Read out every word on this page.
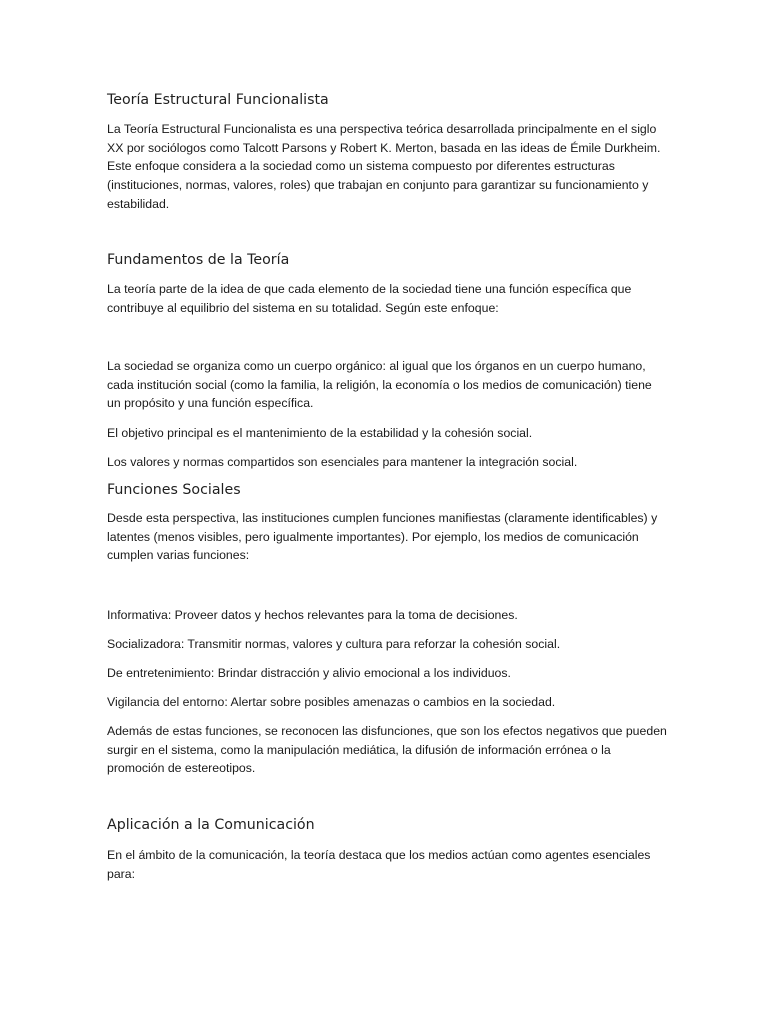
Teoría Estructural Funcionalista

La Teoría Estructural Funcionalista es una perspectiva teórica desarrollada principalmente en el siglo XX por sociólogos como Talcott Parsons y Robert K. Merton, basada en las ideas de Émile Durkheim. Este enfoque considera a la sociedad como un sistema compuesto por diferentes estructuras (instituciones, normas, valores, roles) que trabajan en conjunto para garantizar su funcionamiento y estabilidad.

Fundamentos de la Teoría

La teoría parte de la idea de que cada elemento de la sociedad tiene una función específica que contribuye al equilibrio del sistema en su totalidad. Según este enfoque:

La sociedad se organiza como un cuerpo orgánico: al igual que los órganos en un cuerpo humano, cada institución social (como la familia, la religión, la economía o los medios de comunicación) tiene un propósito y una función específica.

El objetivo principal es el mantenimiento de la estabilidad y la cohesión social.

Los valores y normas compartidos son esenciales para mantener la integración social.

Funciones Sociales

Desde esta perspectiva, las instituciones cumplen funciones manifiestas (claramente identificables) y latentes (menos visibles, pero igualmente importantes). Por ejemplo, los medios de comunicación cumplen varias funciones:

Informativa: Proveer datos y hechos relevantes para la toma de decisiones.

Socializadora: Transmitir normas, valores y cultura para reforzar la cohesión social.

De entretenimiento: Brindar distracción y alivio emocional a los individuos.

Vigilancia del entorno: Alertar sobre posibles amenazas o cambios en la sociedad.

Además de estas funciones, se reconocen las disfunciones, que son los efectos negativos que pueden surgir en el sistema, como la manipulación mediática, la difusión de información errónea o la promoción de estereotipos.

Aplicación a la Comunicación

En el ámbito de la comunicación, la teoría destaca que los medios actúan como agentes esenciales para:
